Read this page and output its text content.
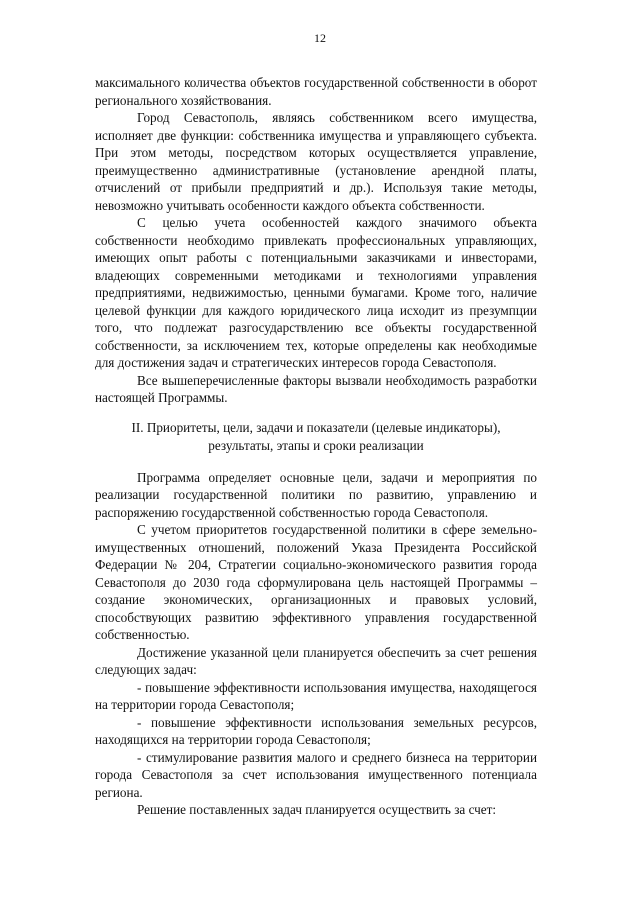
12

максимального количества объектов государственной собственности в оборот регионального хозяйствования.

Город Севастополь, являясь собственником всего имущества, исполняет две функции: собственника имущества и управляющего субъекта. При этом методы, посредством которых осуществляется управление, преимущественно административные (установление арендной платы, отчислений от прибыли предприятий и др.). Используя такие методы, невозможно учитывать особенности каждого объекта собственности.

С целью учета особенностей каждого значимого объекта собственности необходимо привлекать профессиональных управляющих, имеющих опыт работы с потенциальными заказчиками и инвесторами, владеющих современными методиками и технологиями управления предприятиями, недвижимостью, ценными бумагами. Кроме того, наличие целевой функции для каждого юридического лица исходит из презумпции того, что подлежат разгосударствлению все объекты государственной собственности, за исключением тех, которые определены как необходимые для достижения задач и стратегических интересов города Севастополя.

Все вышеперечисленные факторы вызвали необходимость разработки настоящей Программы.

II. Приоритеты, цели, задачи и показатели (целевые индикаторы),
результаты, этапы и сроки реализации

Программа определяет основные цели, задачи и мероприятия по реализации государственной политики по развитию, управлению и распоряжению государственной собственностью города Севастополя.

С учетом приоритетов государственной политики в сфере земельно-имущественных отношений, положений Указа Президента Российской Федерации № 204, Стратегии социально-экономического развития города Севастополя до 2030 года сформулирована цель настоящей Программы – создание экономических, организационных и правовых условий, способствующих развитию эффективного управления государственной собственностью.

Достижение указанной цели планируется обеспечить за счет решения следующих задач:

- повышение эффективности использования имущества, находящегося на территории города Севастополя;

- повышение эффективности использования земельных ресурсов, находящихся на территории города Севастополя;

- стимулирование развития малого и среднего бизнеса на территории города Севастополя за счет использования имущественного потенциала региона.

Решение поставленных задач планируется осуществить за счет:
